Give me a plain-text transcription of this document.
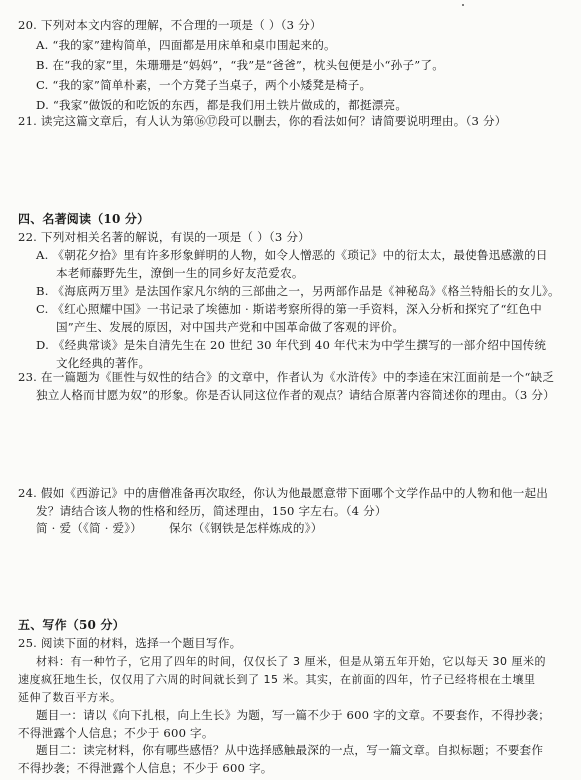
20. 下列对本文内容的理解，不合理的一项是（ ）（3 分）
A. “我的家”建构简单，四面都是用床单和桌巾围起来的。
B. 在“我的家”里，朱珊珊是“妈妈”，“我”是“爸爸”，枕头包便是小“孙子”了。
C. “我的家”简单朴素，一个方凳子当桌子，两个小矮凳是椅子。
D. “我家”做饭的和吃饭的东西，都是我们用土铁片做成的，都挺漂亮。
21. 读完这篇文章后，有人认为第⑯⑰段可以删去，你的看法如何？请简要说明理由。（3 分）
四、名著阅读（10 分）
22. 下列对相关名著的解说，有误的一项是（ ）（3 分）
A. 《朝花夕拾》里有许多形象鲜明的人物，如令人憎恶的《琐记》中的衍太太，最使鲁迅感激的日
本老师藤野先生，潦倒一生的同乡好友范爱农。
B. 《海底两万里》是法国作家凡尔纳的三部曲之一，另两部作品是《神秘岛》《格兰特船长的女儿》。
C. 《红心照耀中国》一书记录了埃德加 · 斯诺考察所得的第一手资料，深入分析和探究了“红色中
国”产生、发展的原因，对中国共产党和中国革命做了客观的评价。
D. 《经典常谈》是朱自清先生在 20 世纪 30 年代到 40 年代末为中学生撰写的一部介绍中国传统
文化经典的著作。
23. 在一篇题为《匪性与奴性的结合》的文章中，作者认为《水浒传》中的李逵在宋江面前是一个“缺乏
独立人格而甘愿为奴”的形象。你是否认同这位作者的观点？请结合原著内容简述你的理由。（3 分）
24. 假如《西游记》中的唐僧准备再次取经，你认为他最愿意带下面哪个文学作品中的人物和他一起出
发？请结合该人物的性格和经历，简述理由，150 字左右。（4 分）
简 · 爱（《简 · 爱》） 保尔（《钢铁是怎样炼成的》）
五、写作（50 分）
25. 阅读下面的材料，选择一个题目写作。
材料：有一种竹子，它用了四年的时间，仅仅长了 3 厘米，但是从第五年开始，它以每天 30 厘米的
速度疯狂地生长，仅仅用了六周的时间就长到了 15 米。其实，在前面的四年，竹子已经将根在土壤里
延伸了数百平方米。
题目一：请以《向下扎根，向上生长》为题，写一篇不少于 600 字的文章。不要套作，不得抄袭；
不得泄露个人信息；不少于 600 字。
题目二：读完材料，你有哪些感悟？从中选择感触最深的一点，写一篇文章。自拟标题；不要套作
不得抄袭；不得泄露个人信息；不少于 600 字。
